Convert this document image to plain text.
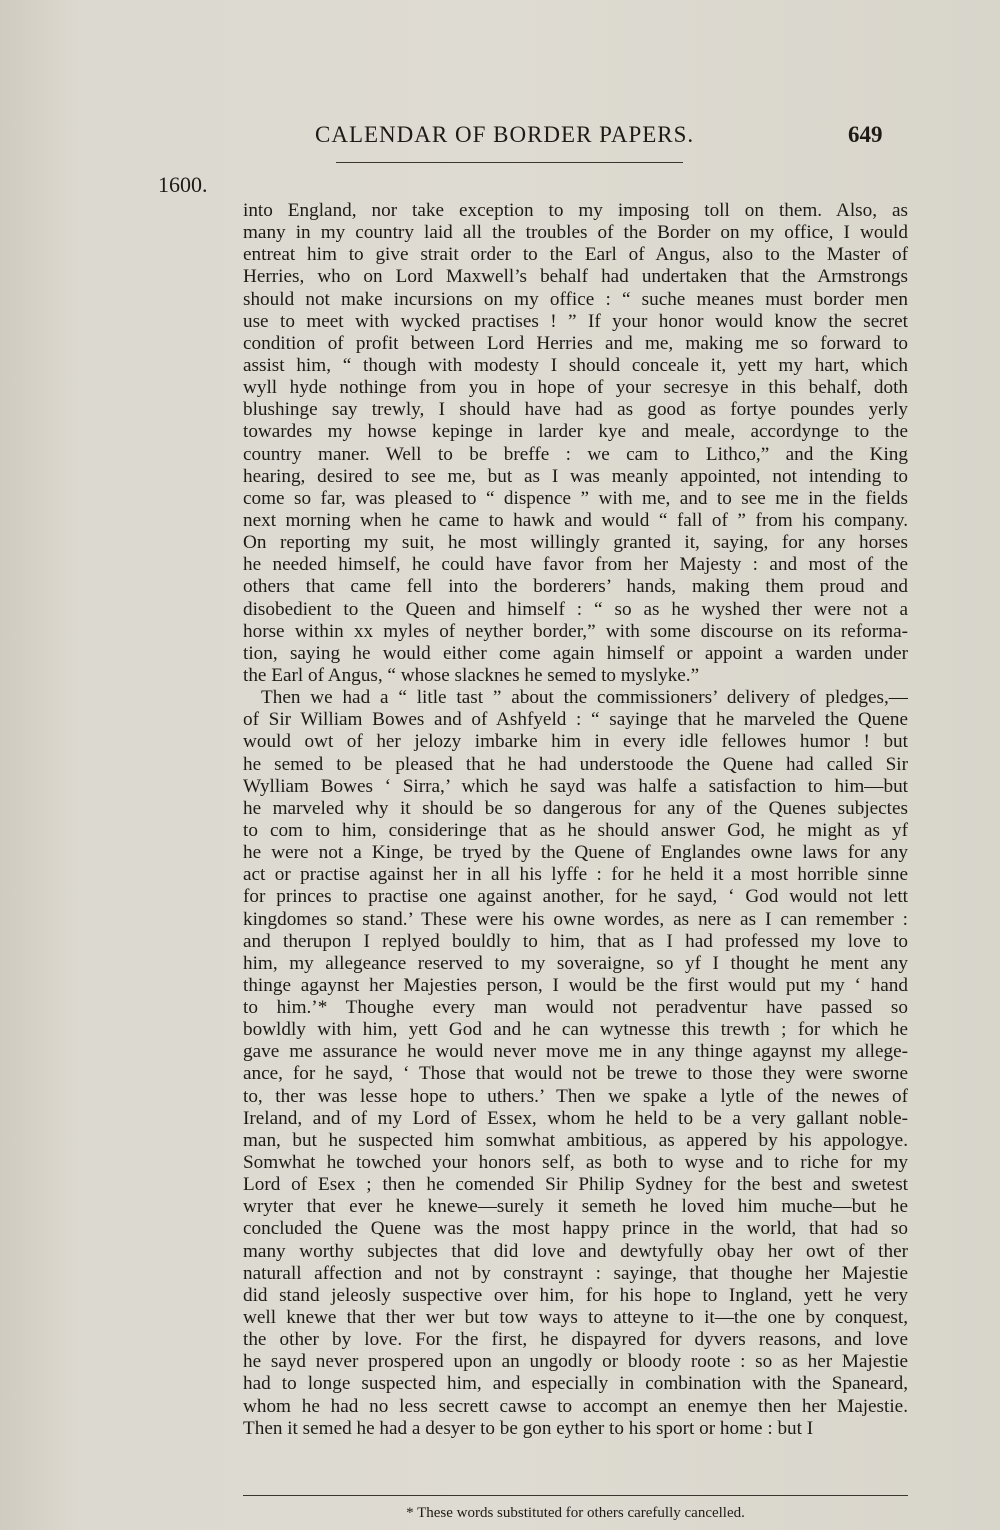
CALENDAR OF BORDER PAPERS.	649
1600.
into England, nor take exception to my imposing toll on them. Also, as
many in my country laid all the troubles of the Border on my office, I would
entreat him to give strait order to the Earl of Angus, also to the Master of
Herries, who on Lord Maxwell’s behalf had undertaken that the Armstrongs
should not make incursions on my office : “ suche meanes must border men
use to meet with wycked practises ! ” If your honor would know the secret
condition of profit between Lord Herries and me, making me so forward to
assist him, “ though with modesty I should conceale it, yett my hart, which
wyll hyde nothinge from you in hope of your secresye in this behalf, doth
blushinge say trewly, I should have had as good as fortye poundes yerly
towardes my howse kepinge in larder kye and meale, accordynge to the
country maner. Well to be breffe : we cam to Lithco,” and the King
hearing, desired to see me, but as I was meanly appointed, not intending to
come so far, was pleased to “ dispence ” with me, and to see me in the fields
next morning when he came to hawk and would “ fall of ” from his company.
On reporting my suit, he most willingly granted it, saying, for any horses
he needed himself, he could have favor from her Majesty : and most of the
others that came fell into the borderers’ hands, making them proud and
disobedient to the Queen and himself : “ so as he wyshed ther were not a
horse within xx myles of neyther border,” with some discourse on its reforma-
tion, saying he would either come again himself or appoint a warden under
the Earl of Angus, “ whose slacknes he semed to myslyke.”
Then we had a “ litle tast ” about the commissioners’ delivery of pledges,—
of Sir William Bowes and of Ashfyeld : “ sayinge that he marveled the Quene
would owt of her jelozy imbarke him in every idle fellowes humor ! but
he semed to be pleased that he had understoode the Quene had called Sir
Wylliam Bowes ‘ Sirra,’ which he sayd was halfe a satisfaction to him—but
he marveled why it should be so dangerous for any of the Quenes subjectes
to com to him, consideringe that as he should answer God, he might as yf
he were not a Kinge, be tryed by the Quene of Englandes owne laws for any
act or practise against her in all his lyffe : for he held it a most horrible sinne
for princes to practise one against another, for he sayd, ‘ God would not lett
kingdomes so stand.’ These were his owne wordes, as nere as I can remember :
and therupon I replyed bouldly to him, that as I had professed my love to
him, my allegeance reserved to my soveraigne, so yf I thought he ment any
thinge agaynst her Majesties person, I would be the first would put my ‘ hand
to him.’* Thoughe every man would not peradventur have passed so
bowldly with him, yett God and he can wytnesse this trewth ; for which he
gave me assurance he would never move me in any thinge agaynst my allege-
ance, for he sayd, ‘ Those that would not be trewe to those they were sworne
to, ther was lesse hope to uthers.’ Then we spake a lytle of the newes of
Ireland, and of my Lord of Essex, whom he held to be a very gallant noble-
man, but he suspected him somwhat ambitious, as appered by his appologye.
Somwhat he towched your honors self, as both to wyse and to riche for my
Lord of Esex ; then he comended Sir Philip Sydney for the best and swetest
wryter that ever he knewe—surely it semeth he loved him muche—but he
concluded the Quene was the most happy prince in the world, that had so
many worthy subjectes that did love and dewtyfully obay her owt of ther
naturall affection and not by constraynt : sayinge, that thoughe her Majestie
did stand jeleosly suspective over him, for his hope to Ingland, yett he very
well knewe that ther wer but tow ways to atteyne to it—the one by conquest,
the other by love. For the first, he dispayred for dyvers reasons, and love
he sayd never prospered upon an ungodly or bloody roote : so as her Majestie
had to longe suspected him, and especially in combination with the Spaneard,
whom he had no less secrett cawse to accompt an enemye then her Majestie.
Then it semed he had a desyer to be gon eyther to his sport or home : but I
* These words substituted for others carefully cancelled.
